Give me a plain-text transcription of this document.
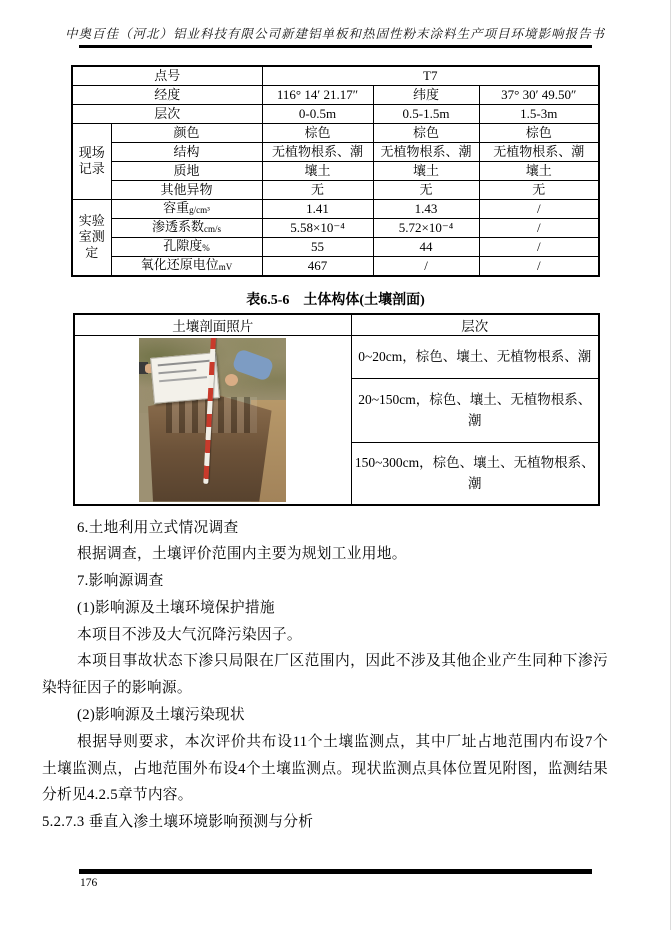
中奥百佳（河北）铝业科技有限公司新建铝单板和热固性粉末涂料生产项目环境影响报告书
点号		T7		
经度		116° 14′ 21.17″	纬度	37° 30′ 49.50″
层次		0-0.5m	0.5-1.5m	1.5-3m
现场记录	颜色	棕色	棕色	棕色
	结构	无植物根系、潮	无植物根系、潮	无植物根系、潮
	质地	壤土	壤土	壤土
	其他异物	无	无	无
实验室测定	容重g/cm³	1.41	1.43	/
	渗透系数cm/s	5.58×10⁻⁴	5.72×10⁻⁴	/
	孔隙度%	55	44	/
	氧化还原电位mV	467	/	/
表6.5-6 土体构体(土壤剖面)
土壤剖面照片	层次

	0~20cm，棕色、壤土、无植物根系、潮
	20~150cm，棕色、壤土、无植物根系、潮
	150~300cm，棕色、壤土、无植物根系、潮

6.土地利用立式情况调查

根据调查，土壤评价范围内主要为规划工业用地。

7.影响源调查

(1)影响源及土壤环境保护措施

本项目不涉及大气沉降污染因子。

本项目事故状态下渗只局限在厂区范围内，因此不涉及其他企业产生同种下渗污染特征因子的影响源。

(2)影响源及土壤污染现状

根据导则要求，本次评价共布设11个土壤监测点，其中厂址占地范围内布设7个土壤监测点，占地范围外布设4个土壤监测点。现状监测点具体位置见附图，监测结果分析见4.2.5章节内容。

5.2.7.3 垂直入渗土壤环境影响预测与分析

176
